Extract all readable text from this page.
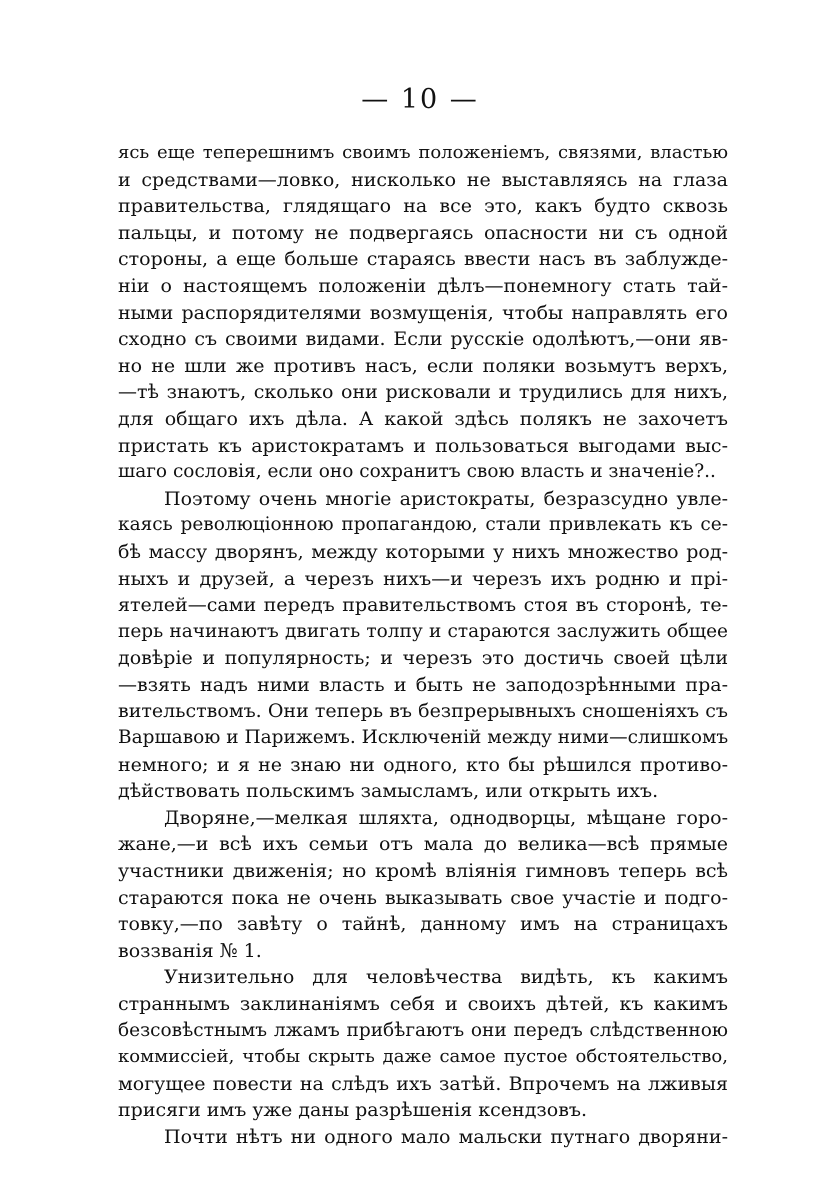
— 10 —
ясь еще теперешнимъ своимъ положеніемъ, связями, властью
и средствами—ловко, нисколько не выставляясь на глаза
правительства, глядящаго на все это, какъ будто сквозь
пальцы, и потому не подвергаясь опасности ни съ одной
стороны, а еще больше стараясь ввести насъ въ заблужде-
ніи о настоящемъ положеніи дѣлъ—понемногу стать тай-
ными распорядителями возмущенія, чтобы направлять его
сходно съ своими видами. Если русскіе одолѣютъ,—они яв-
но не шли же противъ насъ, если поляки возьмутъ верхъ,
—тѣ знаютъ, сколько они рисковали и трудились для нихъ,
для общаго ихъ дѣла. А какой здѣсь полякъ не захочетъ
пристать къ аристократамъ и пользоваться выгодами выс-
шаго сословія, если оно сохранитъ свою власть и значеніе?..
Поэтому очень многіе аристократы, безразсудно увле-
каясь революціонною пропагандою, стали привлекать къ се-
бѣ массу дворянъ, между которыми у нихъ множество род-
ныхъ и друзей, а черезъ нихъ—и черезъ ихъ родню и прі-
ятелей—сами передъ правительствомъ стоя въ сторонѣ, те-
перь начинаютъ двигать толпу и стараются заслужить общее
довѣріе и популярность; и черезъ это достичь своей цѣли
—взять надъ ними власть и быть не заподозрѣнными пра-
вительствомъ. Они теперь въ безпрерывныхъ сношеніяхъ съ
Варшавою и Парижемъ. Исключеній между ними—слишкомъ
немного; и я не знаю ни одного, кто бы рѣшился противо-
дѣйствовать польскимъ замысламъ, или открыть ихъ.
Дворяне,—мелкая шляхта, однодворцы, мѣщане горо-
жане,—и всѣ ихъ семьи отъ мала до велика—всѣ прямые
участники движенія; но кромѣ вліянія гимновъ теперь всѣ
стараются пока не очень выказывать свое участіе и подго-
товку,—по завѣту о тайнѣ, данному имъ на страницахъ
воззванія № 1.
Унизительно для человѣчества видѣть, къ какимъ
страннымъ заклинаніямъ себя и своихъ дѣтей, къ какимъ
безсовѣстнымъ лжамъ прибѣгаютъ они передъ слѣдственною
коммиссіей, чтобы скрыть даже самое пустое обстоятельство,
могущее повести на слѣдъ ихъ затѣй. Впрочемъ на лживыя
присяги имъ уже даны разрѣшенія ксендзовъ.
Почти нѣтъ ни одного мало мальски путнаго дворяни-
